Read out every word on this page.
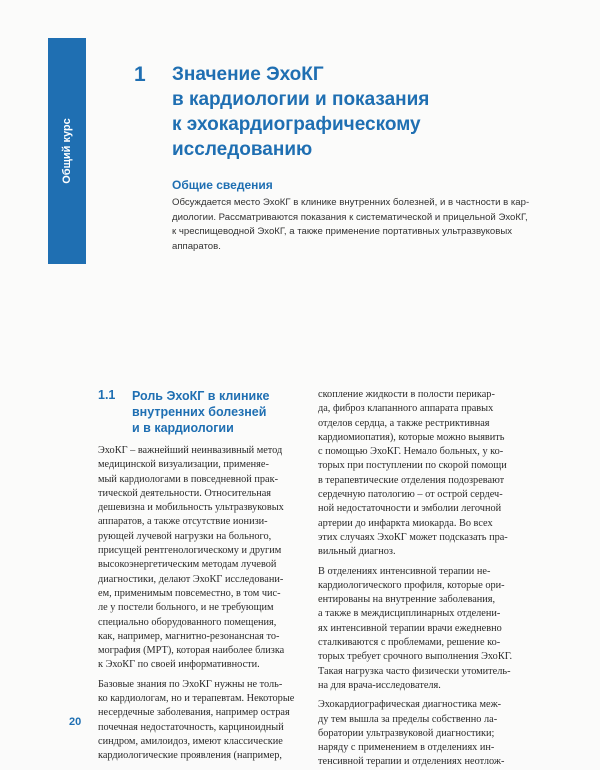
Общий курс
1 Значение ЭхоКГ
в кардиологии и показания
к эхокардиографическому
исследованию
Общие сведения
Обсуждается место ЭхоКГ в клинике внутренних болезней, и в частности в кар-
диологии. Рассматриваются показания к систематической и прицельной ЭхоКГ,
к чреспищеводной ЭхоКГ, а также применение портативных ультразвуковых
аппаратов.
1.1 Роль ЭхоКГ в клинике
внутренних болезней
и в кардиологии
ЭхоКГ – важнейший неинвазивный метод
медицинской визуализации, применяе-
мый кардиологами в повседневной прак-
тической деятельности. Относительная
дешевизна и мобильность ультразвуковых
аппаратов, а также отсутствие ионизи-
рующей лучевой нагрузки на больного,
присущей рентгенологическому и другим
высокоэнергетическим методам лучевой
диагностики, делают ЭхоКГ исследовани-
ем, применимым повсеместно, в том чис-
ле у постели больного, и не требующим
специально оборудованного помещения,
как, например, магнитно-резонансная то-
мография (МРТ), которая наиболее близка
к ЭхоКГ по своей информативности.
Базовые знания по ЭхоКГ нужны не толь-
ко кардиологам, но и терапевтам. Некоторые
несердечные заболевания, например острая
почечная недостаточность, карциноидный
синдром, амилоидоз, имеют классические
кардиологические проявления (например,
скопление жидкости в полости перикар-
да, фиброз клапанного аппарата правых
отделов сердца, а также рестриктивная
кардиомиопатия), которые можно выявить
с помощью ЭхоКГ. Немало больных, у ко-
торых при поступлении по скорой помощи
в терапевтические отделения подозревают
сердечную патологию – от острой сердеч-
ной недостаточности и эмболии легочной
артерии до инфаркта миокарда. Во всех
этих случаях ЭхоКГ может подсказать пра-
вильный диагноз.
В отделениях интенсивной терапии не-
кардиологического профиля, которые ори-
ентированы на внутренние заболевания,
а также в междисциплинарных отделени-
ях интенсивной терапии врачи ежедневно
сталкиваются с проблемами, решение ко-
торых требует срочного выполнения ЭхоКГ.
Такая нагрузка часто физически утомитель-
на для врача-исследователя.
Эхокардиографическая диагностика меж-
ду тем вышла за пределы собственно ла-
боратории ультразвуковой диагностики;
наряду с применением в отделениях ин-
тенсивной терапии и отделениях неотлож-
20
